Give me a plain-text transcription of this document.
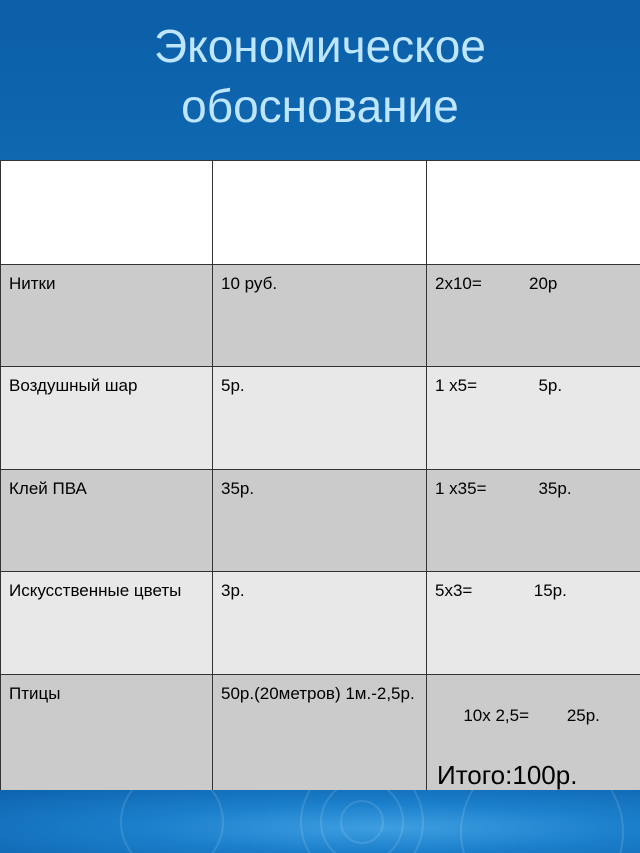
Экономическое
обоснование

Нитки	10 руб.	2х10=          20р
Воздушный шар	5р.	1 х5=             5р.
Клей ПВА	35р.	1 х35=           35р.
Искусственные цветы	3р.	5х3=             15р.
Птицы	50р.(20метров) 1м.-2,5р.	10х 2,5=        25р.

Итого:100р.
